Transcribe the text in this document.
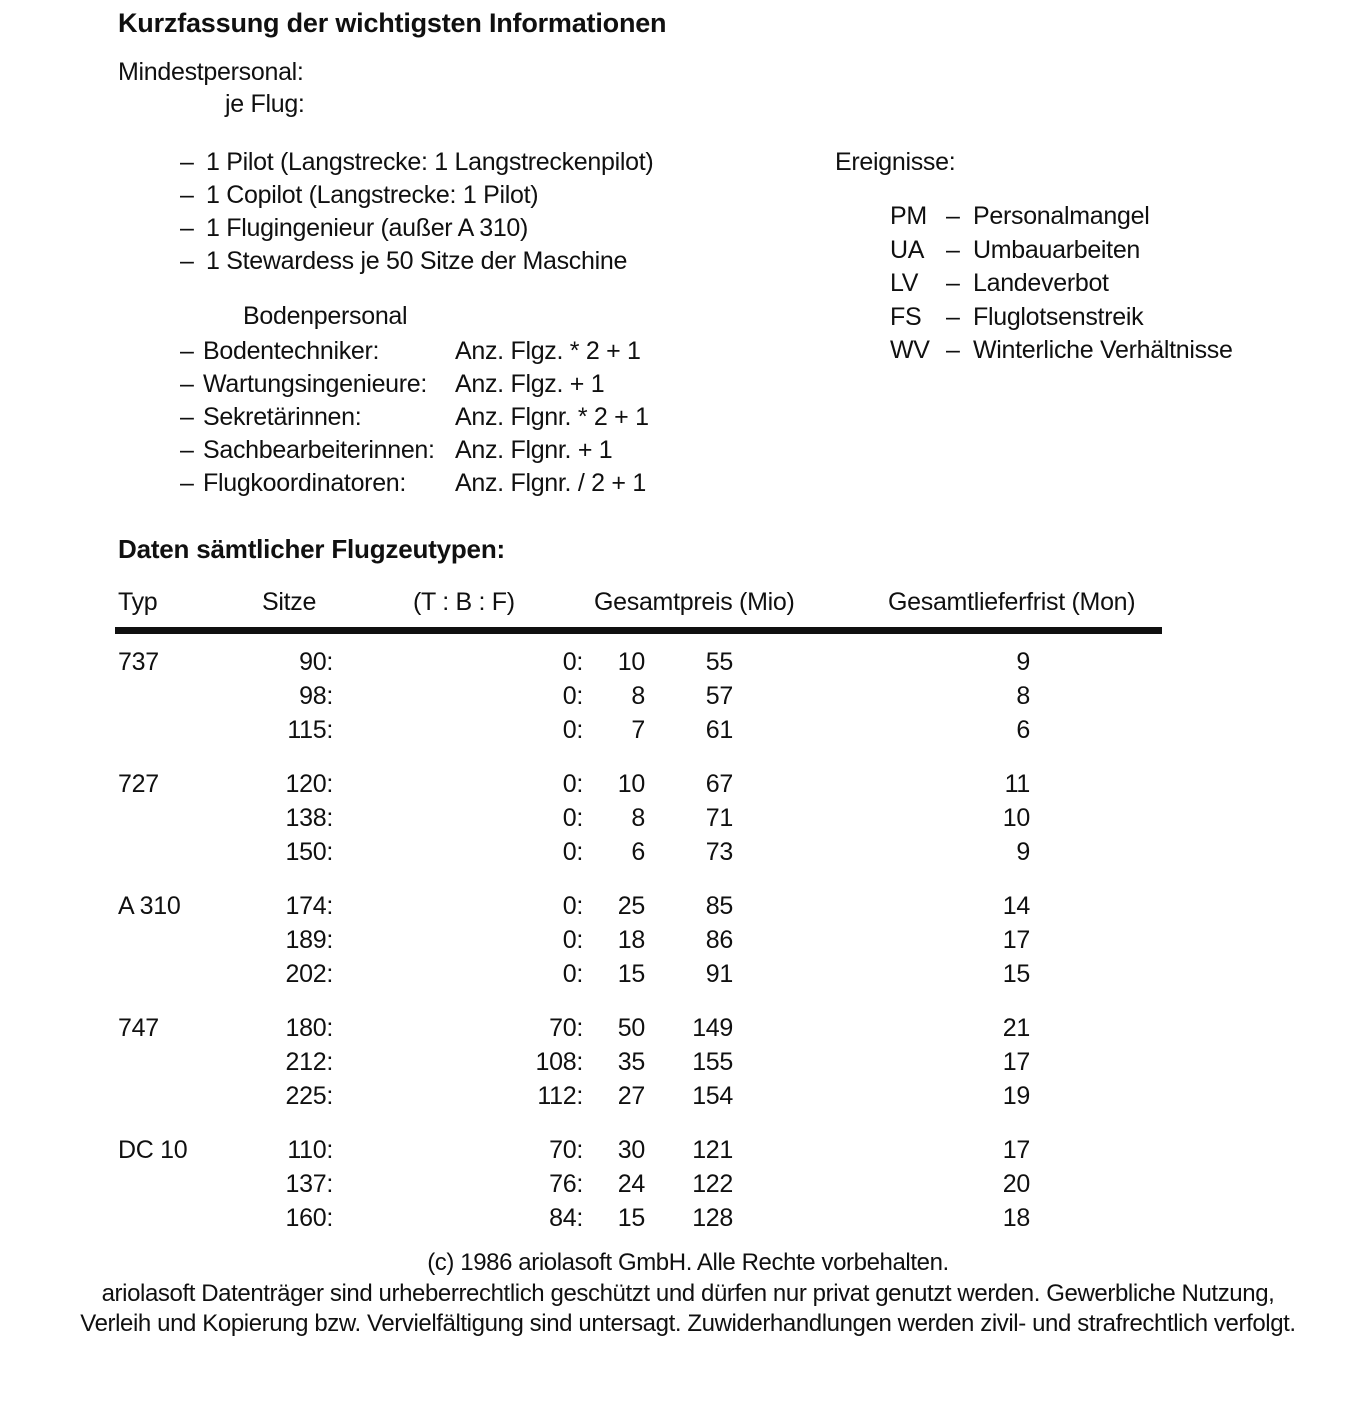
Kurzfassung der wichtigsten Informationen
Mindestpersonal:
je Flug:
– 1 Pilot (Langstrecke: 1 Langstreckenpilot)
– 1 Copilot (Langstrecke: 1 Pilot)
– 1 Flugingenieur (außer A 310)
– 1 Stewardess je 50 Sitze der Maschine
Ereignisse:
PM – Personalmangel
UA – Umbauarbeiten
LV	– Landeverbot
FS – Fluglotsenstreik
WV – Winterliche Verhältnisse
Bodenpersonal
– Bodentechniker:	Anz. Flgz. * 2 + 1
– Wartungsingenieure:	Anz. Flgz. + 1
– Sekretärinnen:	Anz. Flgnr. * 2 + 1
– Sachbearbeiterinnen: Anz. Flgnr. + 1
– Flugkoordinatoren:	Anz. Flgnr. / 2 + 1
Daten sämtlicher Flugzeutypen:
Typ	Sitze	(T : B : F)	Gesamtpreis (Mio)	Gesamtlieferfrist (Mon)
737	90:	0:	10	55	9
98:	0:	8	57	8
115:	0:	7	61	6
727	120:	0:	10	67	11
138:	0:	8	71	10
150:	0:	6	73	9
A 310	174:	0:	25	85	14
189:	0:	18	86	17
202:	0:	15	91	15
747	180:	70:	50	149	21
212:	108:	35	155	17
225:	112:	27	154	19
DC 10	110:	70:	30	121	17
137:	76:	24	122	20
160:	84:	15	128	18
(c) 1986 ariolasoft GmbH. Alle Rechte vorbehalten.
ariolasoft Datenträger sind urheberrechtlich geschützt und dürfen nur privat genutzt werden. Gewerbliche Nutzung,
Verleih und Kopierung bzw. Vervielfältigung sind untersagt. Zuwiderhandlungen werden zivil- und strafrechtlich verfolgt.
